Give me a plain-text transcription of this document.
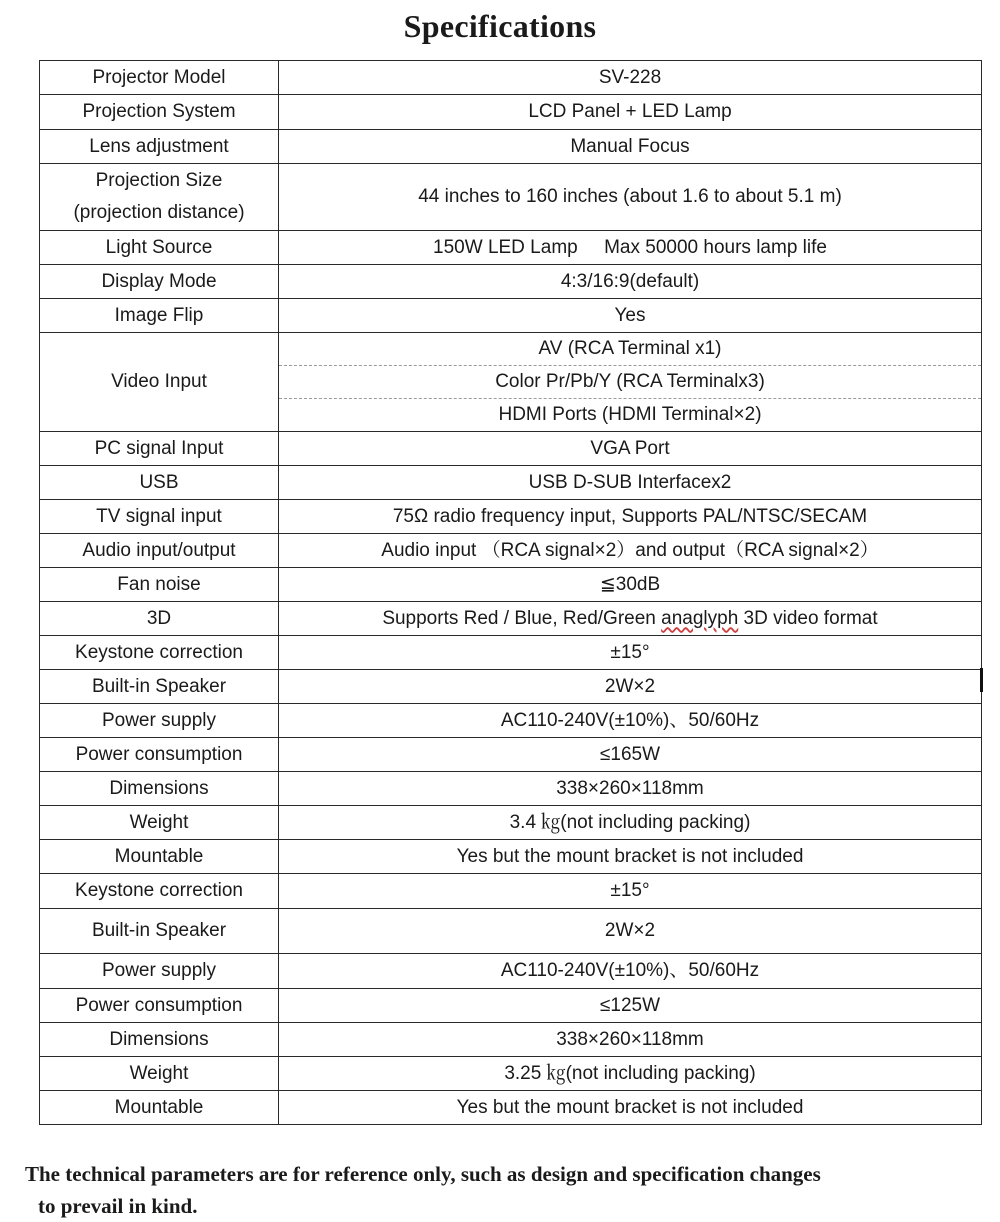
Specifications
Projector Model	SV-228
Projection System	LCD Panel + LED Lamp
Lens adjustment	Manual Focus

Projection Size
(projection distance)	44 inches to 160 inches (about 1.6 to about 5.1 m)
Light Source	150W LED Lamp     Max 50000 hours lamp life
Display Mode	4:3/16:9(default)
Image Flip	Yes
Video Input	AV (RCA Terminal x1)
Color Pr/Pb/Y (RCA Terminalx3)
HDMI Ports (HDMI Terminal×2)

PC signal Input	VGA Port
USB	USB D-SUB Interfacex2
TV signal input	75Ω radio frequency input, Supports PAL/NTSC/SECAM
Audio input/output	Audio input （RCA signal×2）and output（RCA signal×2）
Fan noise	≦30dB
3D	Supports Red / Blue, Red/Green anaglyph 3D video format
Keystone correction	±15°
Built-in Speaker	2W×2
Power supply	AC110-240V(±10%)、50/60Hz
Power consumption	≤165W
Dimensions	338×260×118mm
Weight	3.4 ㎏(not including packing)
Mountable	Yes but the mount bracket is not included
Keystone correction	±15°
Built-in Speaker	2W×2
Power supply	AC110-240V(±10%)、50/60Hz
Power consumption	≤125W
Dimensions	338×260×118mm
Weight	3.25 ㎏(not including packing)
Mountable	Yes but the mount bracket is not included
The technical parameters are for reference only, such as design and specification changes
to prevail in kind.
